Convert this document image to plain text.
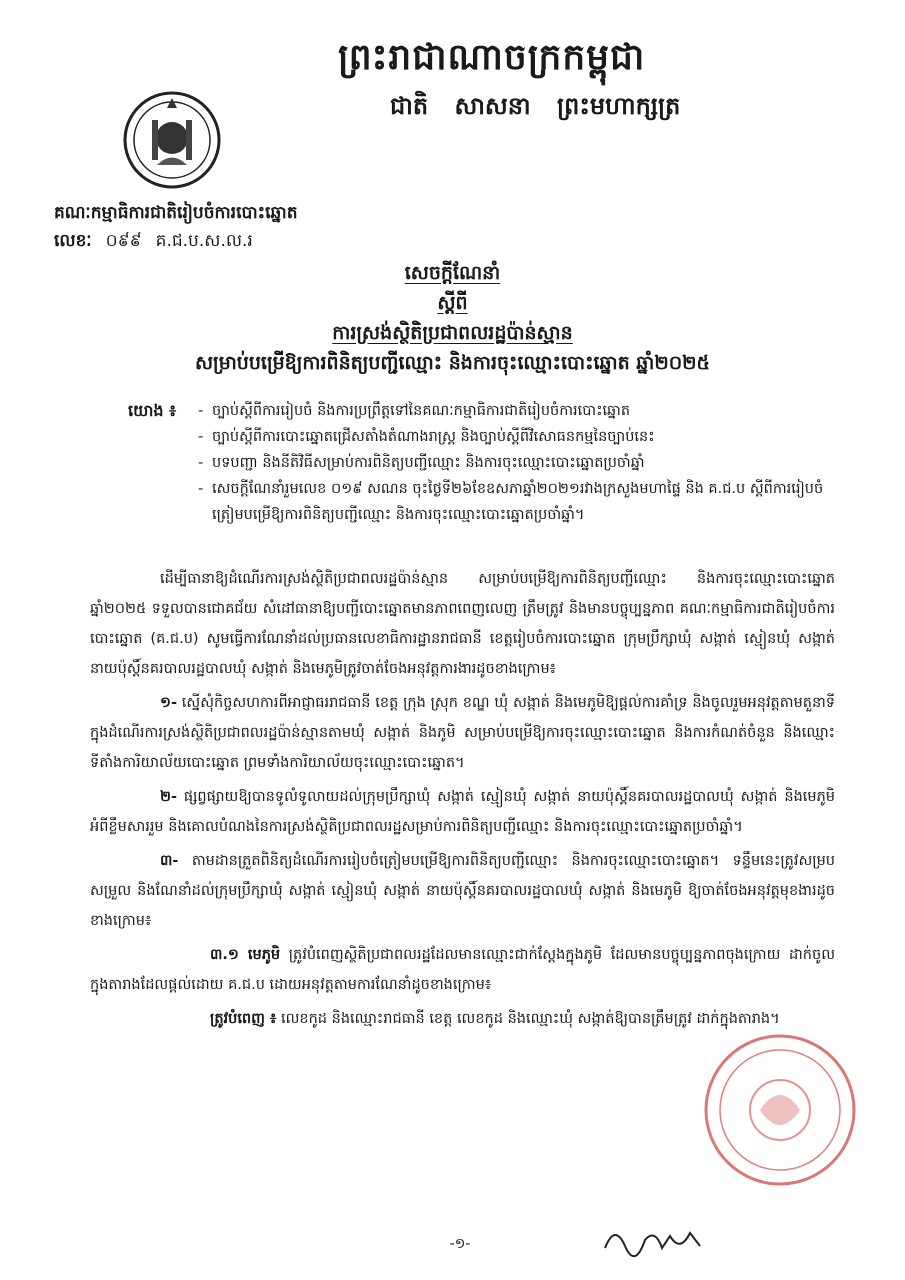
ព្រះរាជាណាចក្រកម្ពុជា
ជាតិ សាសនា ព្រះមហាក្សត្រ
គណៈកម្មាធិការជាតិរៀបចំការបោះឆ្នោត
លេខៈ ០៩៩ គ.ជ.ប.ស.ល.រ
សេចក្តីណែនាំ
ស្តីពី
ការស្រង់ស្ថិតិប្រជាពលរដ្ឋប៉ាន់ស្មាន
សម្រាប់បម្រើឱ្យការពិនិត្យបញ្ជីឈ្មោះ និងការចុះឈ្មោះបោះឆ្នោត ឆ្នាំ២០២៥
យោង ៖
-	ច្បាប់ស្តីពីការរៀបចំ និងការប្រព្រឹត្តទៅនៃគណៈកម្មាធិការជាតិរៀបចំការបោះឆ្នោត
- ច្បាប់ស្តីពីការបោះឆ្នោតជ្រើសតាំងតំណាងរាស្ត្រ និងច្បាប់ស្តីពីវិសោធនកម្មនៃច្បាប់នេះ
- បទបញ្ជា និងនីតិវិធីសម្រាប់ការពិនិត្យបញ្ជីឈ្មោះ និងការចុះឈ្មោះបោះឆ្នោតប្រចាំឆ្នាំ
- សេចក្តីណែនាំរួមលេខ ០១៩ សណន ចុះថ្ងៃទី២៦ខែឧសភាឆ្នាំ២០២១រវាងក្រសួងមហាផ្ទៃ និង គ.ជ.ប ស្តីពីការរៀបចំត្រៀមបម្រើឱ្យការពិនិត្យបញ្ជីឈ្មោះ និងការចុះឈ្មោះបោះឆ្នោតប្រចាំឆ្នាំ។

ដើម្បីធានាឱ្យដំណើរការស្រង់ស្ថិតិប្រជាពលរដ្ឋប៉ាន់ស្មាន សម្រាប់បម្រើឱ្យការពិនិត្យបញ្ជីឈ្មោះ និងការចុះឈ្មោះបោះឆ្នោត ឆ្នាំ២០២៥ ទទួលបានជោគជ័យ សំដៅធានាឱ្យបញ្ជីបោះឆ្នោតមានភាពពេញលេញ ត្រឹមត្រូវ និងមានបច្ចុប្បន្នភាព គណៈកម្មាធិការជាតិរៀបចំការបោះឆ្នោត (គ.ជ.ប) សូមធ្វើការណែនាំដល់ប្រធានលេខាធិការដ្ឋានរាជធានី ខេត្តរៀបចំការបោះឆ្នោត ក្រុមប្រឹក្សាឃុំ សង្កាត់ ស្មៀនឃុំ សង្កាត់ នាយប៉ុស្តិ៍នគរបាលរដ្ឋបាលឃុំ សង្កាត់ និងមេភូមិត្រូវចាត់ចែងអនុវត្តការងារដូចខាងក្រោម៖

១- ស្នើសុំកិច្ចសហការពីអាជ្ញាធររាជធានី ខេត្ត ក្រុង ស្រុក ខណ្ឌ ឃុំ សង្កាត់ និងមេភូមិឱ្យផ្តល់ការគាំទ្រ និងចូលរួមអនុវត្តតាមតួនាទីក្នុងដំណើរការស្រង់ស្ថិតិប្រជាពលរដ្ឋប៉ាន់ស្មានតាមឃុំ សង្កាត់ និងភូមិ សម្រាប់បម្រើឱ្យការចុះឈ្មោះបោះឆ្នោត និងការកំណត់ចំនួន និងឈ្មោះទីតាំងការិយាល័យបោះឆ្នោត ព្រមទាំងការិយាល័យចុះឈ្មោះបោះឆ្នោត។

២- ផ្សព្វផ្សាយឱ្យបានទូលំទូលាយដល់ក្រុមប្រឹក្សាឃុំ សង្កាត់ ស្មៀនឃុំ សង្កាត់ នាយប៉ុស្តិ៍នគរបាលរដ្ឋបាលឃុំ សង្កាត់ និងមេភូមិ អំពីខ្លឹមសាររួម និងគោលបំណងនៃការស្រង់ស្ថិតិប្រជាពលរដ្ឋសម្រាប់ការពិនិត្យបញ្ជីឈ្មោះ និងការចុះឈ្មោះបោះឆ្នោតប្រចាំឆ្នាំ។

៣- តាមដានត្រួតពិនិត្យដំណើរការរៀបចំត្រៀមបម្រើឱ្យការពិនិត្យបញ្ជីឈ្មោះ និងការចុះឈ្មោះបោះឆ្នោត។ ទន្ទឹមនេះត្រូវសម្របសម្រួល និងណែនាំដល់ក្រុមប្រឹក្សាឃុំ សង្កាត់ ស្មៀនឃុំ សង្កាត់ នាយប៉ុស្តិ៍នគរបាលរដ្ឋបាលឃុំ សង្កាត់ និងមេភូមិ ឱ្យចាត់ចែងអនុវត្តមុខងារដូចខាងក្រោម៖

៣.១ មេភូមិ ត្រូវបំពេញស្ថិតិប្រជាពលរដ្ឋដែលមានឈ្មោះជាក់ស្តែងក្នុងភូមិ ដែលមានបច្ចុប្បន្នភាពចុងក្រោយ ដាក់ចូលក្នុងតារាងដែលផ្តល់ដោយ គ.ជ.ប ដោយអនុវត្តតាមការណែនាំដូចខាងក្រោម៖

ត្រូវបំពេញ ៖ លេខកូដ និងឈ្មោះរាជធានី ខេត្ត លេខកូដ និងឈ្មោះឃុំ សង្កាត់ឱ្យបានត្រឹមត្រូវ ដាក់ក្នុងតារាង។

-១-
